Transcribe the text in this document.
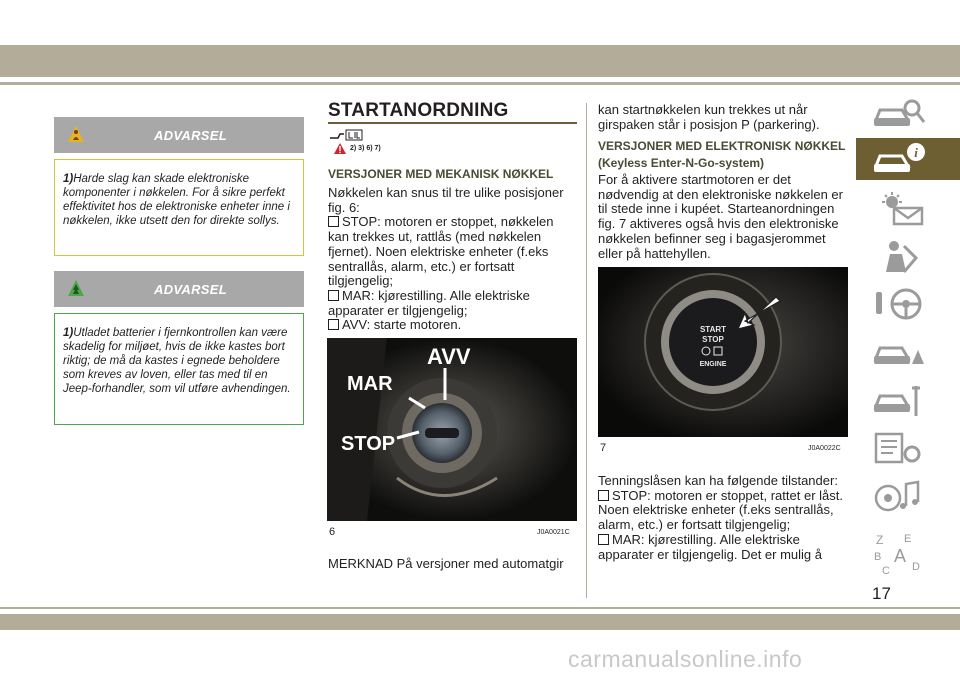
ADVARSEL

1)Harde slag kan skade elektroniske komponenter i nøkkelen. For å sikre perfekt effektivitet hos de elektroniske enheter inne i nøkkelen, ikke utsett den for direkte sollys.

ADVARSEL

1)Utladet batterier i fjernkontrollen kan være skadelig for miljøet, hvis de ikke kastes bort riktig; de må da kastes i egnede beholdere som kreves av loven, eller tas med til en Jeep-forhandler, som vil utføre avhendingen.

STARTANORDNING
2) 3) 6) 7)
VERSJONER MED MEKANISK NØKKEL
Nøkkelen kan snus til tre ulike posisjoner fig. 6:
STOP: motoren er stoppet, nøkkelen kan trekkes ut, rattlås (med nøkkelen fjernet). Noen elektriske enheter (f.eks sentrallås, alarm, etc.) er fortsatt tilgjengelig;
MAR: kjørestilling. Alle elektriske apparater er tilgjengelig;
AVV: starte motoren.
AVV
MAR
STOP
6	J0A0021C
MERKNAD På versjoner med automatgir
kan startnøkkelen kun trekkes ut når girspaken står i posisjon P (parkering).
VERSJONER MED ELEKTRONISK NØKKEL
(Keyless Enter-N-Go-system)
For å aktivere startmotoren er det nødvendig at den elektroniske nøkkelen er til stede inne i kupéet. Starteanordningen fig. 7 aktiveres også hvis den elektroniske nøkkelen befinner seg i bagasjerommet eller på hattehyllen.
START
STOP
ENGINE
7	J0A0022C
Tenningslåsen kan ha følgende tilstander:
STOP: motoren er stoppet, rattet er låst. Noen elektriske enheter (f.eks sentrallås, alarm, etc.) er fortsatt tilgjengelig;
MAR: kjørestilling. Alle elektriske apparater er tilgjengelig. Det er mulig å
i
Z E
B A
C D
17
carmanualsonline.info
